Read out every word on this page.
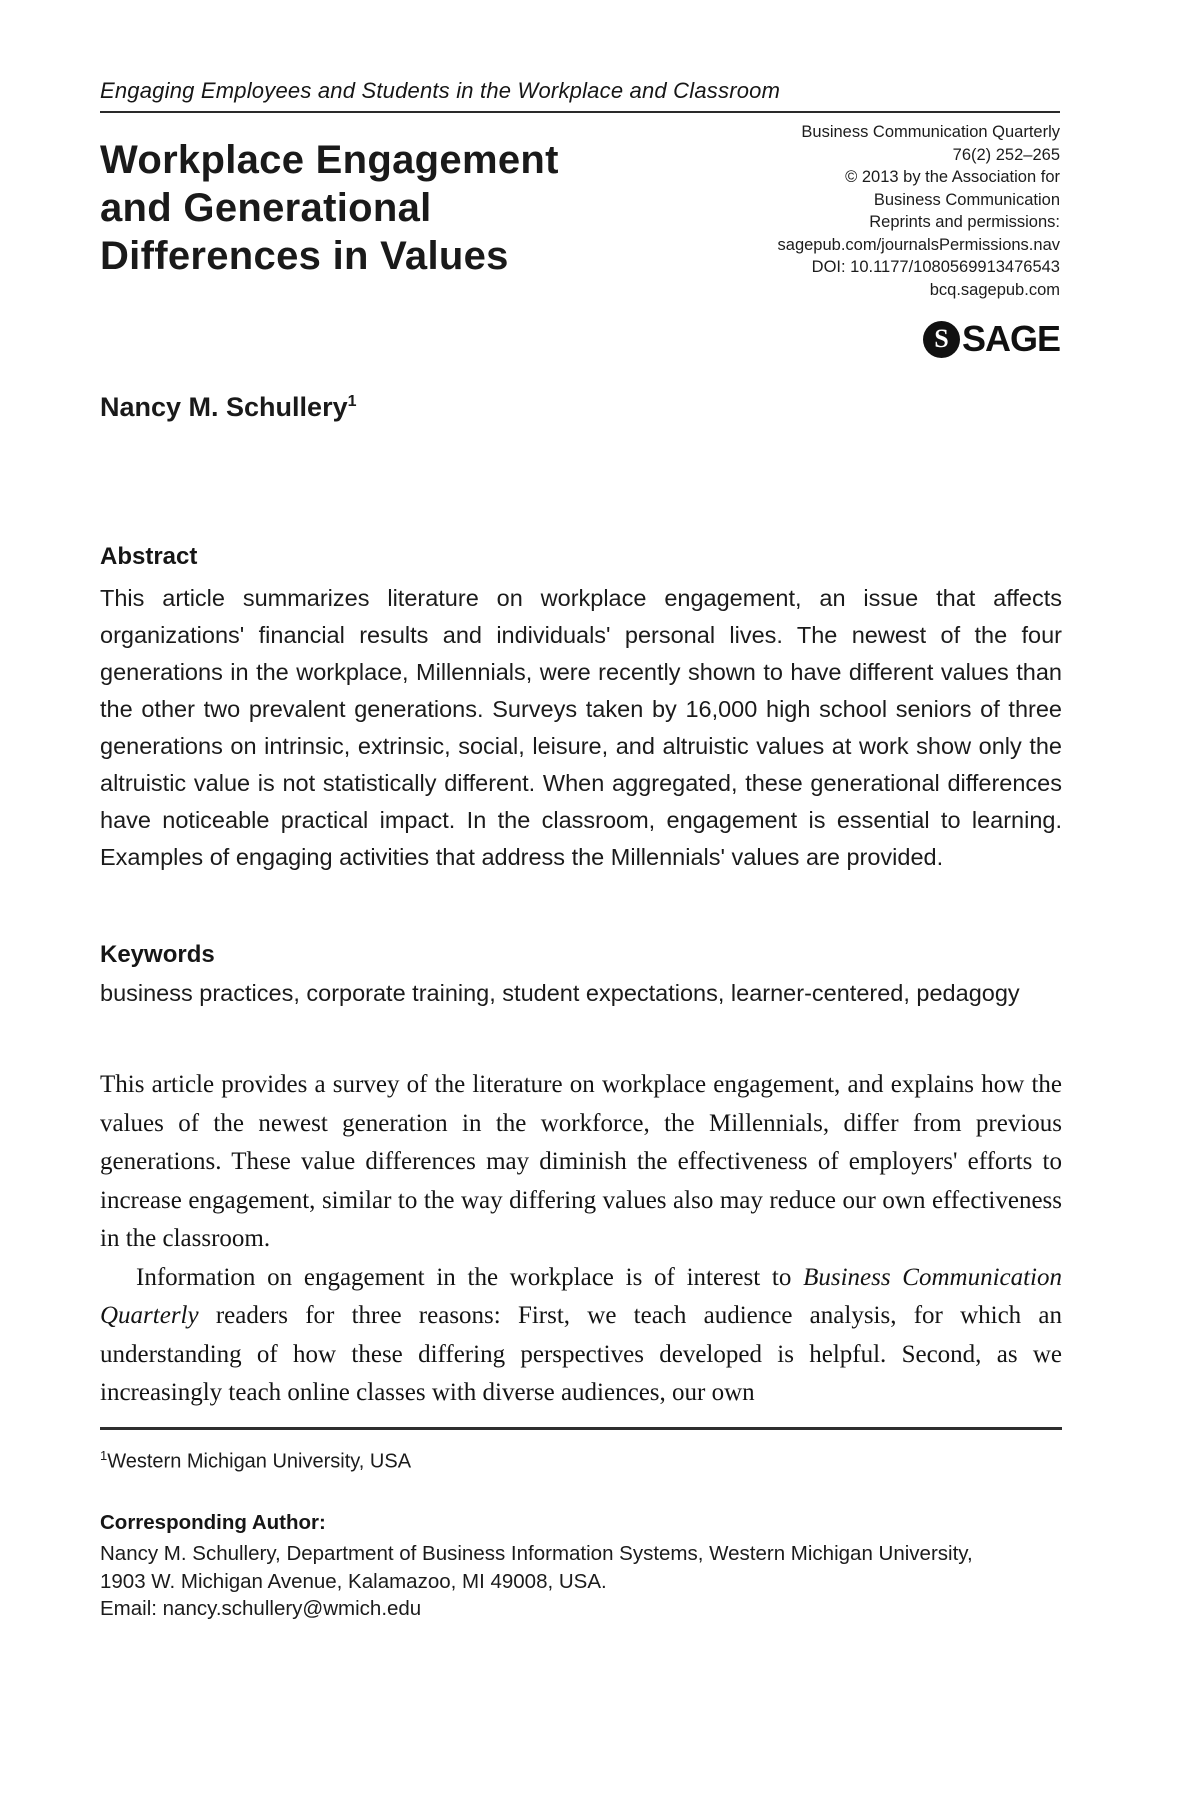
Engaging Employees and Students in the Workplace and Classroom
Business Communication Quarterly
76(2) 252–265
© 2013 by the Association for
Business Communication
Reprints and permissions:
sagepub.com/journalsPermissions.nav
DOI: 10.1177/1080569913476543
bcq.sagepub.com
S SAGE
Workplace Engagement
and Generational
Differences in Values
Nancy M. Schullery$^1$
Abstract
This article summarizes literature on workplace engagement, an issue that affects organizations' financial results and individuals' personal lives. The newest of the four generations in the workplace, Millennials, were recently shown to have different values than the other two prevalent generations. Surveys taken by 16,000 high school seniors of three generations on intrinsic, extrinsic, social, leisure, and altruistic values at work show only the altruistic value is not statistically different. When aggregated, these generational differences have noticeable practical impact. In the classroom, engagement is essential to learning. Examples of engaging activities that address the Millennials' values are provided.
Keywords
business practices, corporate training, student expectations, learner-centered, pedagogy

This article provides a survey of the literature on workplace engagement, and explains how the values of the newest generation in the workforce, the Millennials, differ from previous generations. These value differences may diminish the effectiveness of employers' efforts to increase engagement, similar to the way differing values also may reduce our own effectiveness in the classroom.

Information on engagement in the workplace is of interest to Business Communication Quarterly readers for three reasons: First, we teach audience analysis, for which an understanding of how these differing perspectives developed is helpful. Second, as we increasingly teach online classes with diverse audiences, our own

$^1$Western Michigan University, USA
Corresponding Author:
Nancy M. Schullery, Department of Business Information Systems, Western Michigan University,
1903 W. Michigan Avenue, Kalamazoo, MI 49008, USA.
Email: nancy.schullery@wmich.edu
